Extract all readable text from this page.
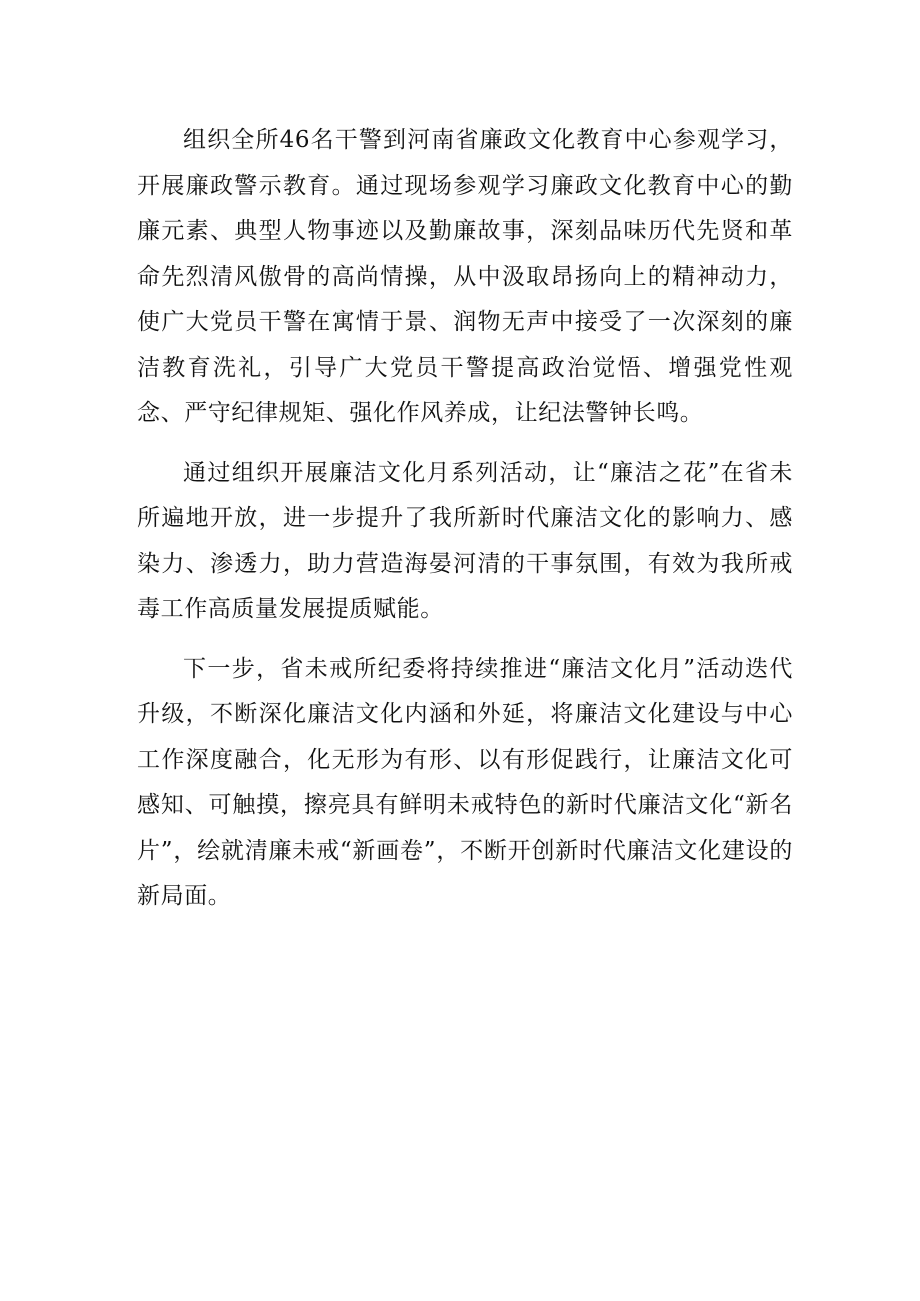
组织全所46名干警到河南省廉政文化教育中心参观学习，开展廉政警示教育。通过现场参观学习廉政文化教育中心的勤廉元素、典型人物事迹以及勤廉故事，深刻品味历代先贤和革命先烈清风傲骨的高尚情操，从中汲取昂扬向上的精神动力，使广大党员干警在寓情于景、润物无声中接受了一次深刻的廉洁教育洗礼，引导广大党员干警提高政治觉悟、增强党性观念、严守纪律规矩、强化作风养成，让纪法警钟长鸣。

通过组织开展廉洁文化月系列活动，让“廉洁之花”在省未所遍地开放，进一步提升了我所新时代廉洁文化的影响力、感染力、渗透力，助力营造海晏河清的干事氛围，有效为我所戒毒工作高质量发展提质赋能。

下一步，省未戒所纪委将持续推进“廉洁文化月”活动迭代升级，不断深化廉洁文化内涵和外延，将廉洁文化建设与中心工作深度融合，化无形为有形、以有形促践行，让廉洁文化可感知、可触摸，擦亮具有鲜明未戒特色的新时代廉洁文化“新名片”，绘就清廉未戒“新画卷”，不断开创新时代廉洁文化建设的新局面。
